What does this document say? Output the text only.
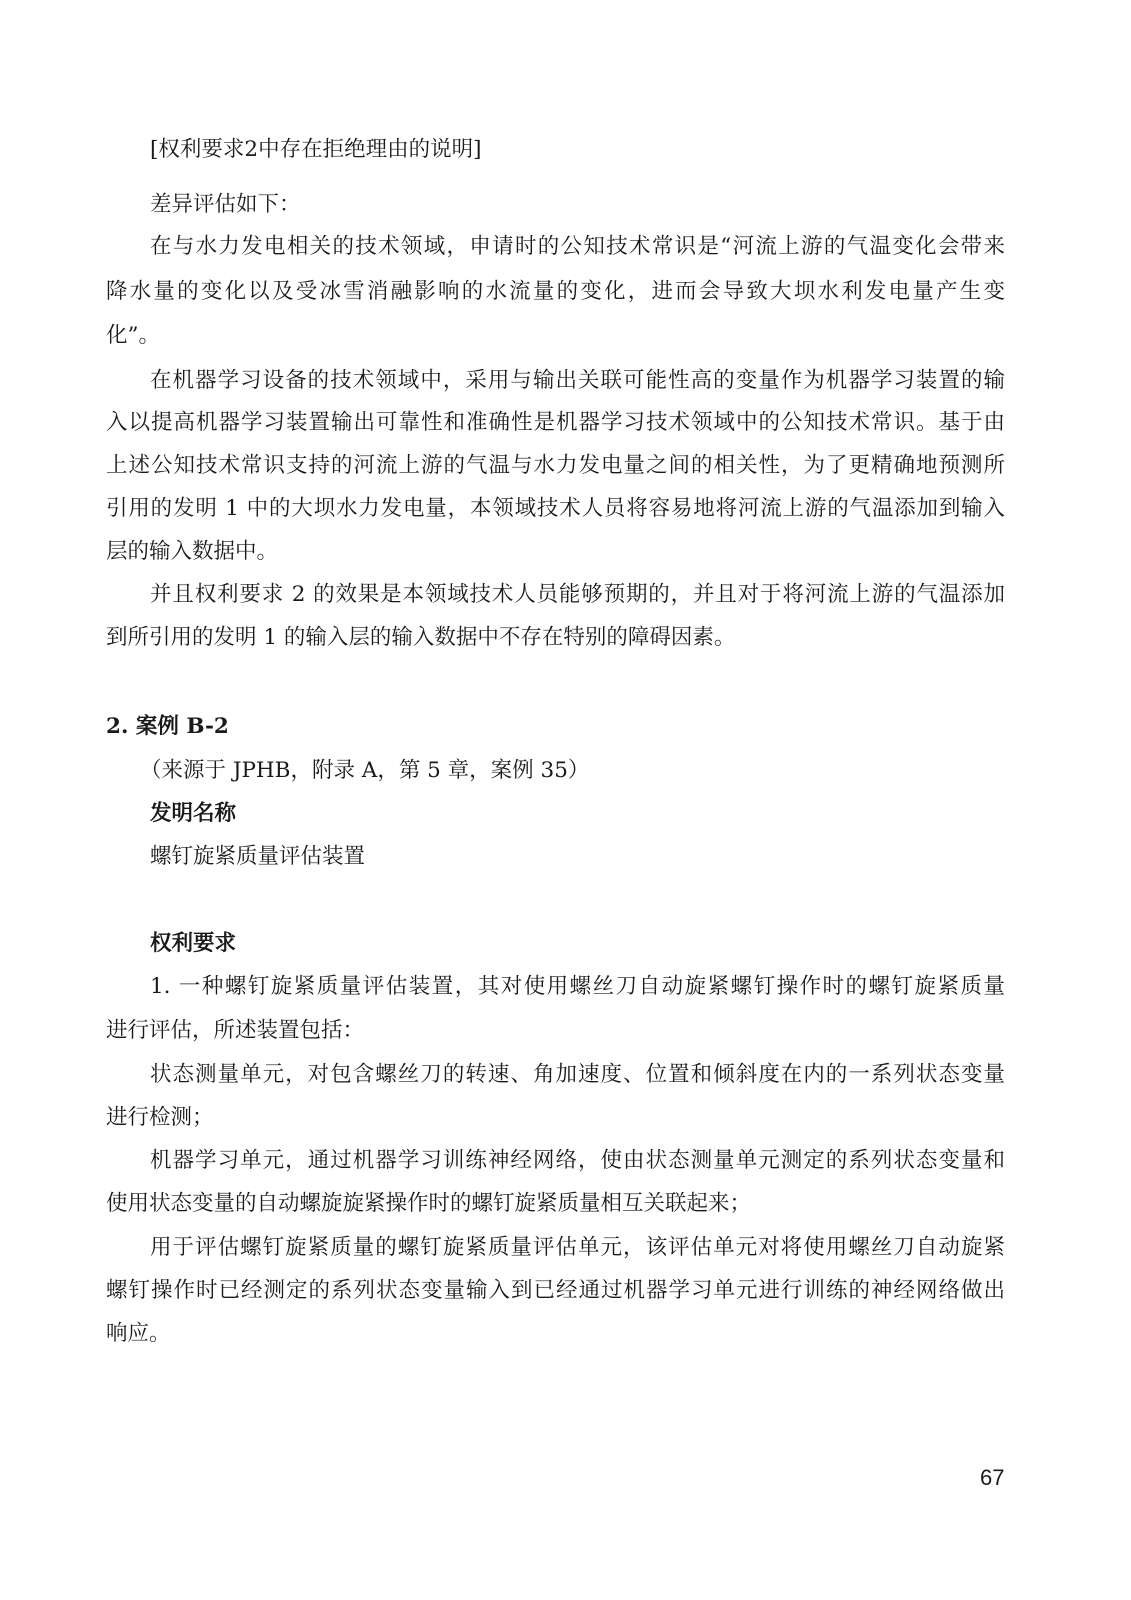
[权利要求2中存在拒绝理由的说明]

差异评估如下：

在与水力发电相关的技术领域，申请时的公知技术常识是“河流上游的气温变化会带来

降水量的变化以及受冰雪消融影响的水流量的变化，进而会导致大坝水利发电量产生变

化”。

在机器学习设备的技术领域中，采用与输出关联可能性高的变量作为机器学习装置的输

入以提高机器学习装置输出可靠性和准确性是机器学习技术领域中的公知技术常识。基于由

上述公知技术常识支持的河流上游的气温与水力发电量之间的相关性，为了更精确地预测所

引用的发明 1 中的大坝水力发电量，本领域技术人员将容易地将河流上游的气温添加到输入

层的输入数据中。

并且权利要求 2 的效果是本领域技术人员能够预期的，并且对于将河流上游的气温添加

到所引用的发明 1 的输入层的输入数据中不存在特别的障碍因素。

2. 案例 B-2

（来源于 JPHB，附录 A，第 5 章，案例 35）

发明名称

螺钉旋紧质量评估装置

权利要求

1. 一种螺钉旋紧质量评估装置，其对使用螺丝刀自动旋紧螺钉操作时的螺钉旋紧质量

进行评估，所述装置包括：

状态测量单元，对包含螺丝刀的转速、角加速度、位置和倾斜度在内的一系列状态变量

进行检测；

机器学习单元，通过机器学习训练神经网络，使由状态测量单元测定的系列状态变量和

使用状态变量的自动螺旋旋紧操作时的螺钉旋紧质量相互关联起来；

用于评估螺钉旋紧质量的螺钉旋紧质量评估单元，该评估单元对将使用螺丝刀自动旋紧

螺钉操作时已经测定的系列状态变量输入到已经通过机器学习单元进行训练的神经网络做出

响应。

67
